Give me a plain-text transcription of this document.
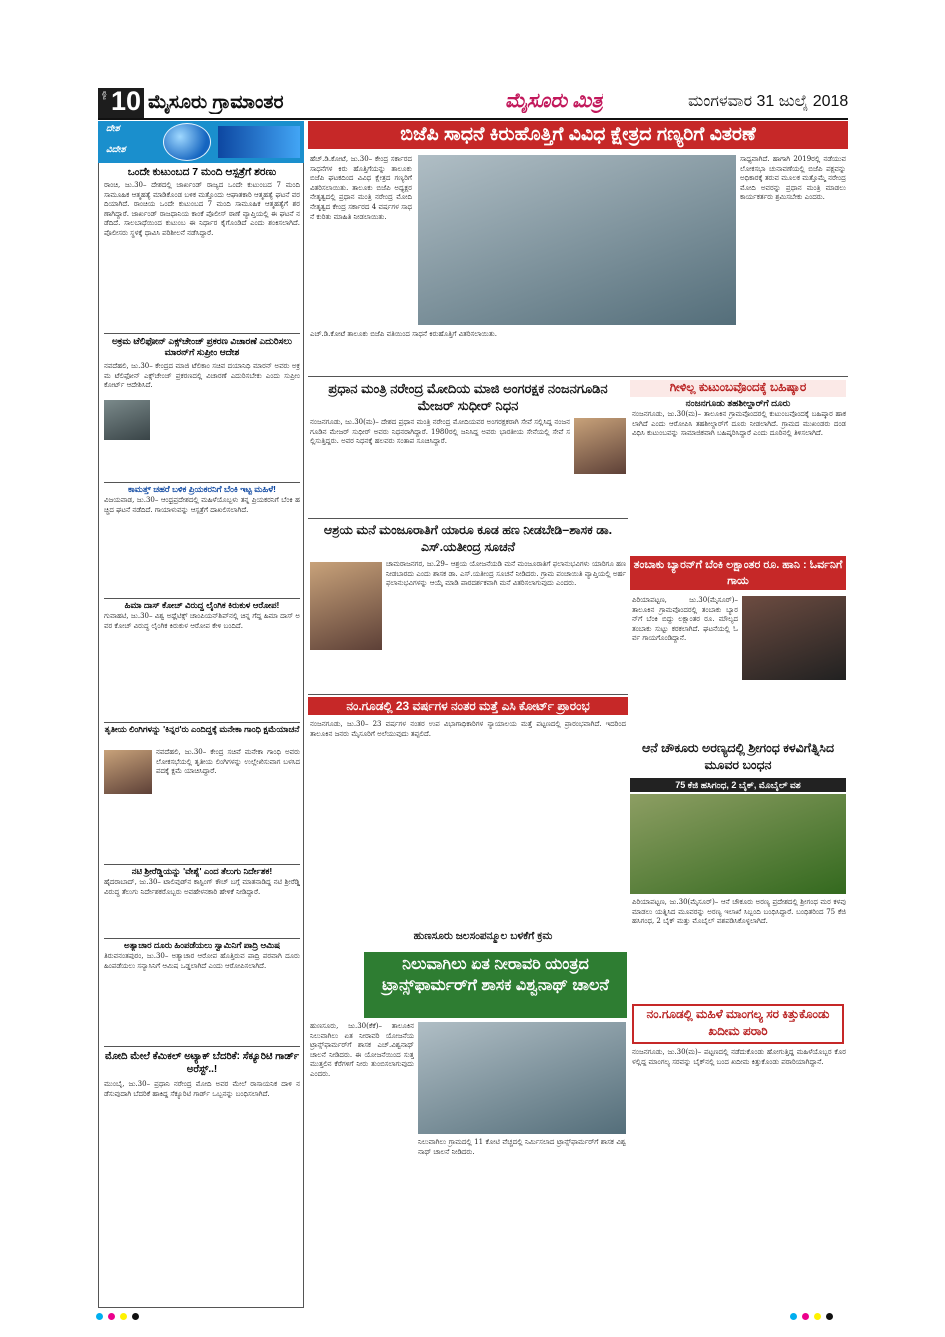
ಪುಟ 10 ಮೈಸೂರು ಗ್ರಾಮಾಂತರ	ಮೈಸೂರು ಮಿತ್ರ	ಮಂಗಳವಾರ 31 ಜುಲೈ 2018
ದೇಶ
ವಿದೇಶ
ಒಂದೇ ಕುಟುಂಬದ 7 ಮಂದಿ ಆಸ್ಪತ್ರೆಗೆ ಶರಣು
ರಾಂಚಿ, ಜು.30– ದೇಶದಲ್ಲಿ ಜಾರ್ಖಂಡ್ ರಾಜ್ಯದ ಒಂದೇ ಕುಟುಂಬದ 7 ಮಂದಿ ಸಾಮೂಹಿಕ ಆತ್ಮಹತ್ಯೆ ಮಾಡಿಕೊಂಡ ಬಳಿಕ ಮತ್ತೊಂದು ಆಘಾತಕಾರಿ ಆತ್ಮಹತ್ಯೆ ಘಟನೆ ವರದಿಯಾಗಿದೆ. ರಾಂಚಿಯ ಒಂದೇ ಕುಟುಂಬದ 7 ಮಂದಿ ಸಾಮೂಹಿಕ ಆತ್ಮಹತ್ಯೆಗೆ ಶರಣಾಗಿದ್ದಾರೆ. ಜಾರ್ಖಂಡ್ ರಾಜಧಾನಿಯ ಕಾಂಕೆ ಪೊಲೀಸ್ ಠಾಣೆ ವ್ಯಾಪ್ತಿಯಲ್ಲಿ ಈ ಘಟನೆ ನಡೆದಿದೆ. ಸಾಲಬಾಧೆಯಿಂದ ಕುಟುಂಬ ಈ ನಿರ್ಧಾರ ಕೈಗೊಂಡಿದೆ ಎಂದು ಶಂಕಿಸಲಾಗಿದೆ. ಪೊಲೀಸರು ಸ್ಥಳಕ್ಕೆ ಧಾವಿಸಿ ಪರಿಶೀಲನೆ ನಡೆಸಿದ್ದಾರೆ.
ಅಕ್ರಮ ಟೆಲಿಫೋನ್ ಎಕ್ಸ್‌ಚೇಂಜ್ ಪ್ರಕರಣ ವಿಚಾರಣೆ ಎದುರಿಸಲು ಮಾರನ್‌ಗೆ ಸುಪ್ರೀಂ ಆದೇಶ
ನವದೆಹಲಿ, ಜು.30– ಕೇಂದ್ರದ ಮಾಜಿ ಟೆಲಿಕಾಂ ಸಚಿವ ದಯಾನಿಧಿ ಮಾರನ್ ಅವರು ಅಕ್ರಮ ಟೆಲಿಫೋನ್ ಎಕ್ಸ್‌ಚೇಂಜ್ ಪ್ರಕರಣದಲ್ಲಿ ವಿಚಾರಣೆ ಎದುರಿಸಬೇಕು ಎಂದು ಸುಪ್ರೀಂ ಕೋರ್ಟ್ ಆದೇಶಿಸಿದೆ.
ಕಾಮತ್ತ್ ಚಹರೆ ಬಳಿಕ ಪ್ರಿಯಕರನಿಗೆ ಬೆಂಕಿ ಇಟ್ಟ ಮಹಿಳೆ!
ವಿಜಯವಾಡ, ಜು.30– ಆಂಧ್ರಪ್ರದೇಶದಲ್ಲಿ ಮಹಿಳೆಯೊಬ್ಬಳು ತನ್ನ ಪ್ರಿಯಕರನಿಗೆ ಬೆಂಕಿ ಹಚ್ಚಿದ ಘಟನೆ ನಡೆದಿದೆ. ಗಾಯಾಳುವನ್ನು ಆಸ್ಪತ್ರೆಗೆ ದಾಖಲಿಸಲಾಗಿದೆ.
ಹಿಮಾ ದಾಸ್ ಕೋಚ್ ವಿರುದ್ಧ ಲೈಂಗಿಕ ಕಿರುಕುಳ ಆರೋಪ!
ಗುವಾಹಟಿ, ಜು.30– ವಿಶ್ವ ಅಥ್ಲೆಟಿಕ್ಸ್ ಚಾಂಪಿಯನ್‌ಶಿಪ್‌ನಲ್ಲಿ ಚಿನ್ನ ಗೆದ್ದ ಹಿಮಾ ದಾಸ್ ಅವರ ಕೋಚ್ ವಿರುದ್ಧ ಲೈಂಗಿಕ ಕಿರುಕುಳ ಆರೋಪ ಕೇಳಿ ಬಂದಿದೆ.
ತೃತೀಯ ಲಿಂಗಿಗಳನ್ನು 'ಕಿನ್ನರ'ರು ಎಂದಿದ್ದಕ್ಕೆ ಮನೇಕಾ ಗಾಂಧಿ ಕ್ಷಮೆಯಾಚನೆ
ನವದೆಹಲಿ, ಜು.30– ಕೇಂದ್ರ ಸಚಿವೆ ಮನೇಕಾ ಗಾಂಧಿ ಅವರು ಲೋಕಸಭೆಯಲ್ಲಿ ತೃತೀಯ ಲಿಂಗಿಗಳನ್ನು ಉಲ್ಲೇಖಿಸುವಾಗ ಬಳಸಿದ ಪದಕ್ಕೆ ಕ್ಷಮೆ ಯಾಚಿಸಿದ್ದಾರೆ.
ನಟಿ ಶ್ರೀರೆಡ್ಡಿಯನ್ನು 'ವೇಶ್ಯೆ' ಎಂದ ತೆಲುಗು ನಿರ್ದೇಶಕ!
ಹೈದರಾಬಾದ್, ಜು.30– ಟಾಲಿವುಡ್‌ನ ಕಾಸ್ಟಿಂಗ್ ಕೌಚ್ ಬಗ್ಗೆ ಮಾತನಾಡಿದ್ದ ನಟಿ ಶ್ರೀರೆಡ್ಡಿ ವಿರುದ್ಧ ತೆಲುಗು ನಿರ್ದೇಶಕರೊಬ್ಬರು ಅವಹೇಳನಕಾರಿ ಹೇಳಿಕೆ ನೀಡಿದ್ದಾರೆ.
ಅತ್ಯಾಚಾರ ದೂರು ಹಿಂಪಡೆಯಲು ಸ್ವಾಮಿನಿಗೆ ಪಾದ್ರಿ ಆಮಿಷ
ತಿರುವನಂತಪುರಂ, ಜು.30– ಅತ್ಯಾಚಾರ ಆರೋಪ ಹೊತ್ತಿರುವ ಪಾದ್ರಿ ಪರವಾಗಿ ದೂರು ಹಿಂಪಡೆಯಲು ಸನ್ಯಾಸಿನಿಗೆ ಆಮಿಷ ಒಡ್ಡಲಾಗಿದೆ ಎಂದು ಆರೋಪಿಸಲಾಗಿದೆ.
ಮೋದಿ ಮೇಲೆ ಕೆಮಿಕಲ್ ಅಟ್ಯಾಕ್ ಬೆದರಿಕೆ: ಸೆಕ್ಯೂರಿಟಿ ಗಾರ್ಡ್ ಅರೆಸ್ಟ್..!
ಮುಂಬೈ, ಜು.30– ಪ್ರಧಾನಿ ನರೇಂದ್ರ ಮೋದಿ ಅವರ ಮೇಲೆ ರಾಸಾಯನಿಕ ದಾಳಿ ನಡೆಸುವುದಾಗಿ ಬೆದರಿಕೆ ಹಾಕಿದ್ದ ಸೆಕ್ಯೂರಿಟಿ ಗಾರ್ಡ್ ಒಬ್ಬನನ್ನು ಬಂಧಿಸಲಾಗಿದೆ.
ಬಿಜೆಪಿ ಸಾಧನೆ ಕಿರುಹೊತ್ತಿಗೆ ವಿವಿಧ ಕ್ಷೇತ್ರದ ಗಣ್ಯರಿಗೆ ವಿತರಣೆ
ಹೆಚ್.ಡಿ.ಕೋಟೆ, ಜು.30– ಕೇಂದ್ರ ಸರ್ಕಾರದ ಸಾಧನೆಗಳ ಕಿರು ಹೊತ್ತಿಗೆಯನ್ನು ತಾಲೂಕು ಬಿಜೆಪಿ ಘಟಕದಿಂದ ವಿವಿಧ ಕ್ಷೇತ್ರದ ಗಣ್ಯರಿಗೆ ವಿತರಿಸಲಾಯಿತು. ತಾಲೂಕು ಬಿಜೆಪಿ ಅಧ್ಯಕ್ಷರ ನೇತೃತ್ವದಲ್ಲಿ ಪ್ರಧಾನ ಮಂತ್ರಿ ನರೇಂದ್ರ ಮೋದಿ ನೇತೃತ್ವದ ಕೇಂದ್ರ ಸರ್ಕಾರದ 4 ವರ್ಷಗಳ ಸಾಧನೆ ಕುರಿತು ಮಾಹಿತಿ ನೀಡಲಾಯಿತು.
ಸಾಧ್ಯವಾಗಿದೆ. ಹಾಗಾಗಿ 2019ರಲ್ಲಿ ನಡೆಯುವ ಲೋಕಸಭಾ ಚುನಾವಣೆಯಲ್ಲಿ ಬಿಜೆಪಿ ಪಕ್ಷವನ್ನು ಅಧಿಕಾರಕ್ಕೆ ತರುವ ಮೂಲಕ ಮತ್ತೊಮ್ಮೆ ನರೇಂದ್ರ ಮೋದಿ ಅವರನ್ನು ಪ್ರಧಾನ ಮಂತ್ರಿ ಮಾಡಲು ಕಾರ್ಯಕರ್ತರು ಶ್ರಮಿಸಬೇಕು ಎಂದರು.
ಎಚ್.ಡಿ.ಕೋಟೆ ತಾಲೂಕು ಬಿಜೆಪಿ ವತಿಯಿಂದ ಸಾಧನೆ ಕಿರುಹೊತ್ತಿಗೆ ವಿತರಿಸಲಾಯಿತು.
ಪ್ರಧಾನ ಮಂತ್ರಿ ನರೇಂದ್ರ ಮೋದಿಯ ಮಾಜಿ ಅಂಗರಕ್ಷಕ ನಂಜನಗೂಡಿನ ಮೇಜರ್ ಸುಧೀರ್ ನಿಧನ
ನಂಜನಗೂಡು, ಜು.30(ಮ)– ದೇಶದ ಪ್ರಧಾನ ಮಂತ್ರಿ ನರೇಂದ್ರ ಮೋದಿಯವರ ಅಂಗರಕ್ಷಕರಾಗಿ ಸೇವೆ ಸಲ್ಲಿಸಿದ್ದ ನಂಜನಗೂಡಿನ ಮೇಜರ್ ಸುಧೀರ್ ಅವರು ನಿಧನರಾಗಿದ್ದಾರೆ. 1980ರಲ್ಲಿ ಜನಿಸಿದ್ದ ಅವರು ಭಾರತೀಯ ಸೇನೆಯಲ್ಲಿ ಸೇವೆ ಸಲ್ಲಿಸುತ್ತಿದ್ದರು. ಅವರ ನಿಧನಕ್ಕೆ ಹಲವರು ಸಂತಾಪ ಸೂಚಿಸಿದ್ದಾರೆ.
ಗೀಳಿಲ್ಲ ಕುಟುಂಬವೊಂದಕ್ಕೆ ಬಹಿಷ್ಕಾರ
ನಂಜನಗೂಡು ತಹಶೀಲ್ದಾರ್‌ಗೆ ದೂರು
ನಂಜನಗೂಡು, ಜು.30(ಮ)– ತಾಲೂಕಿನ ಗ್ರಾಮವೊಂದರಲ್ಲಿ ಕುಟುಂಬವೊಂದಕ್ಕೆ ಬಹಿಷ್ಕಾರ ಹಾಕಲಾಗಿದೆ ಎಂದು ಆರೋಪಿಸಿ ತಹಶೀಲ್ದಾರ್‌ಗೆ ದೂರು ನೀಡಲಾಗಿದೆ. ಗ್ರಾಮದ ಮುಖಂಡರು ದಂಡ ವಿಧಿಸಿ ಕುಟುಂಬವನ್ನು ಸಾಮಾಜಿಕವಾಗಿ ಬಹಿಷ್ಕರಿಸಿದ್ದಾರೆ ಎಂದು ದೂರಿನಲ್ಲಿ ತಿಳಿಸಲಾಗಿದೆ.
ಆಶ್ರಯ ಮನೆ ಮಂಜೂರಾತಿಗೆ ಯಾರೂ ಕೂಡ ಹಣ ನೀಡಬೇಡಿ–ಶಾಸಕ ಡಾ. ಎಸ್.ಯತೀಂದ್ರ ಸೂಚನೆ
ಚಾಮರಾಜನಗರ, ಜು.29– ಆಶ್ರಯ ಯೋಜನೆಯಡಿ ಮನೆ ಮಂಜೂರಾತಿಗೆ ಫಲಾನುಭವಿಗಳು ಯಾರಿಗೂ ಹಣ ನೀಡಬಾರದು ಎಂದು ಶಾಸಕ ಡಾ. ಎಸ್.ಯತೀಂದ್ರ ಸೂಚನೆ ನೀಡಿದರು. ಗ್ರಾಮ ಪಂಚಾಯಿತಿ ವ್ಯಾಪ್ತಿಯಲ್ಲಿ ಅರ್ಹ ಫಲಾನುಭವಿಗಳನ್ನು ಆಯ್ಕೆ ಮಾಡಿ ಪಾರದರ್ಶಕವಾಗಿ ಮನೆ ವಿತರಿಸಲಾಗುವುದು ಎಂದರು.
ತಂಬಾಕು ಬ್ಯಾರನ್‌ಗೆ ಬೆಂಕಿ ಲಕ್ಷಾಂತರ ರೂ. ಹಾನಿ : ಓರ್ವನಿಗೆ ಗಾಯ
ಪಿರಿಯಾಪಟ್ಟಣ, ಜು.30(ಮೈಸೂರ್)– ತಾಲೂಕಿನ ಗ್ರಾಮವೊಂದರಲ್ಲಿ ತಂಬಾಕು ಬ್ಯಾರನ್‌ಗೆ ಬೆಂಕಿ ಬಿದ್ದು ಲಕ್ಷಾಂತರ ರೂ. ಮೌಲ್ಯದ ತಂಬಾಕು ಸುಟ್ಟು ಕರಕಲಾಗಿದೆ. ಘಟನೆಯಲ್ಲಿ ಓರ್ವ ಗಾಯಗೊಂಡಿದ್ದಾನೆ.
ನಂ.ಗೂಡಲ್ಲಿ 23 ವರ್ಷಗಳ ನಂತರ ಮತ್ತೆ ಎಸಿ ಕೋರ್ಟ್ ಪ್ರಾರಂಭ
ನಂಜನಗೂಡು, ಜು.30– 23 ವರ್ಷಗಳ ನಂತರ ಉಪ ವಿಭಾಗಾಧಿಕಾರಿಗಳ ನ್ಯಾಯಾಲಯ ಮತ್ತೆ ಪಟ್ಟಣದಲ್ಲಿ ಪ್ರಾರಂಭವಾಗಿದೆ. ಇದರಿಂದ ತಾಲೂಕಿನ ಜನರು ಮೈಸೂರಿಗೆ ಅಲೆಯುವುದು ತಪ್ಪಲಿದೆ.
ಆನೆ ಚೌಕೂರು ಅರಣ್ಯದಲ್ಲಿ ಶ್ರೀಗಂಧ ಕಳವಿಗೆತ್ನಿಸಿದ ಮೂವರ ಬಂಧನ
75 ಕೆಜಿ ಹಸಿಗಂಧ, 2 ಬೈಕ್, ಮೊಬೈಲ್ ವಶ
ಪಿರಿಯಾಪಟ್ಟಣ, ಜು.30(ಮೈಸೂರ್)– ಆನೆ ಚೌಕೂರು ಅರಣ್ಯ ಪ್ರದೇಶದಲ್ಲಿ ಶ್ರೀಗಂಧ ಮರ ಕಳವು ಮಾಡಲು ಯತ್ನಿಸಿದ ಮೂವರನ್ನು ಅರಣ್ಯ ಇಲಾಖೆ ಸಿಬ್ಬಂದಿ ಬಂಧಿಸಿದ್ದಾರೆ. ಬಂಧಿತರಿಂದ 75 ಕೆಜಿ ಹಸಿಗಂಧ, 2 ಬೈಕ್ ಮತ್ತು ಮೊಬೈಲ್ ವಶಪಡಿಸಿಕೊಳ್ಳಲಾಗಿದೆ.
ನಂ.ಗೂಡಲ್ಲಿ ಮಹಿಳೆ ಮಾಂಗಲ್ಯ ಸರ ಕಿತ್ತುಕೊಂಡು ಖದೀಮ ಪರಾರಿ
ನಂಜನಗೂಡು, ಜು.30(ಮ)– ಪಟ್ಟಣದಲ್ಲಿ ನಡೆದುಕೊಂಡು ಹೋಗುತ್ತಿದ್ದ ಮಹಿಳೆಯೊಬ್ಬರ ಕೊರಳಲ್ಲಿದ್ದ ಮಾಂಗಲ್ಯ ಸರವನ್ನು ಬೈಕ್‌ನಲ್ಲಿ ಬಂದ ಖದೀಮ ಕಿತ್ತುಕೊಂಡು ಪರಾರಿಯಾಗಿದ್ದಾನೆ.
ಹುಣಸೂರು ಜಲಸಂಪನ್ಮೂಲ ಬಳಕೆಗೆ ಕ್ರಮ
ನಿಲುವಾಗಿಲು ಏತ ನೀರಾವರಿ ಯಂತ್ರದ ಟ್ರಾನ್ಸ್‌ಫಾರ್ಮರ್‌ಗೆ ಶಾಸಕ ವಿಶ್ವನಾಥ್ ಚಾಲನೆ
ಹುಣಸೂರು, ಜು.30(ಕೆಕೆ)– ತಾಲೂಕಿನ ನಿಲುವಾಗಿಲು ಏತ ನೀರಾವರಿ ಯೋಜನೆಯ ಟ್ರಾನ್ಸ್‌ಫಾರ್ಮರ್‌ಗೆ ಶಾಸಕ ಎಚ್.ವಿಶ್ವನಾಥ್ ಚಾಲನೆ ನೀಡಿದರು. ಈ ಯೋಜನೆಯಿಂದ ಸುತ್ತಮುತ್ತಲಿನ ಕೆರೆಗಳಿಗೆ ನೀರು ತುಂಬಿಸಲಾಗುವುದು ಎಂದರು.
ನಿಲುವಾಗಿಲು ಗ್ರಾಮದಲ್ಲಿ 11 ಕೋಟಿ ವೆಚ್ಚದಲ್ಲಿ ನಿರ್ಮಿಸಲಾದ ಟ್ರಾನ್ಸ್‌ಫಾರ್ಮರ್‌ಗೆ ಶಾಸಕ ವಿಶ್ವನಾಥ್ ಚಾಲನೆ ನೀಡಿದರು.
